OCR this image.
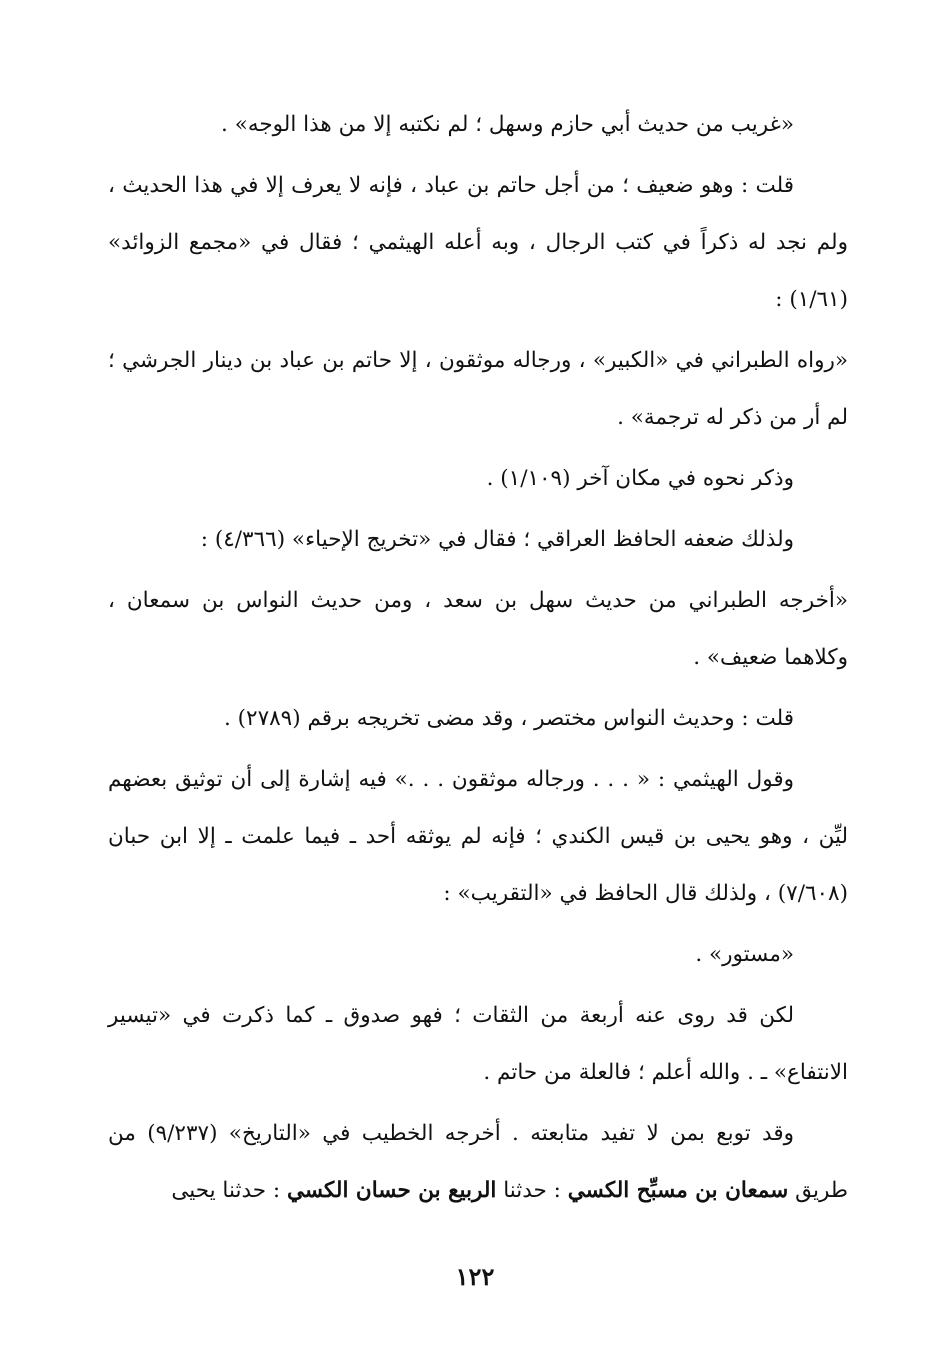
«غريب من حديث أبي حازم وسهل ؛ لم نكتبه إلا من هذا الوجه» .

قلت : وهو ضعيف ؛ من أجل حاتم بن عباد ، فإنه لا يعرف إلا في هذا الحديث ، ولم نجد له ذكراً في كتب الرجال ، وبه أعله الهيثمي ؛ فقال في «مجمع الزوائد» (١/٦١) :

«رواه الطبراني في «الكبير» ، ورجاله موثقون ، إلا حاتم بن عباد بن دينار الجرشي ؛ لم أر من ذكر له ترجمة» .

وذكر نحوه في مكان آخر (١/١٠٩) .

ولذلك ضعفه الحافظ العراقي ؛ فقال في «تخريج الإحياء» (٤/٣٦٦) :

«أخرجه الطبراني من حديث سهل بن سعد ، ومن حديث النواس بن سمعان ، وكلاهما ضعيف» .

قلت : وحديث النواس مختصر ، وقد مضى تخريجه برقم (٢٧٨٩) .

وقول الهيثمي : « . . . ورجاله موثقون . . .» فيه إشارة إلى أن توثيق بعضهم ليِّن ، وهو يحيى بن قيس الكندي ؛ فإنه لم يوثقه أحد ـ فيما علمت ـ إلا ابن حبان (٧/٦٠٨) ، ولذلك قال الحافظ في «التقريب» :

«مستور» .

لكن قد روى عنه أربعة من الثقات ؛ فهو صدوق ـ كما ذكرت في «تيسير الانتفاع» ـ . والله أعلم ؛ فالعلة من حاتم .

وقد توبع بمن لا تفيد متابعته . أخرجه الخطيب في «التاريخ» (٩/٢٣٧) من طريق سمعان بن مسبِّح الكسي : حدثنا الربيع بن حسان الكسي : حدثنا يحيى

١٢٢
